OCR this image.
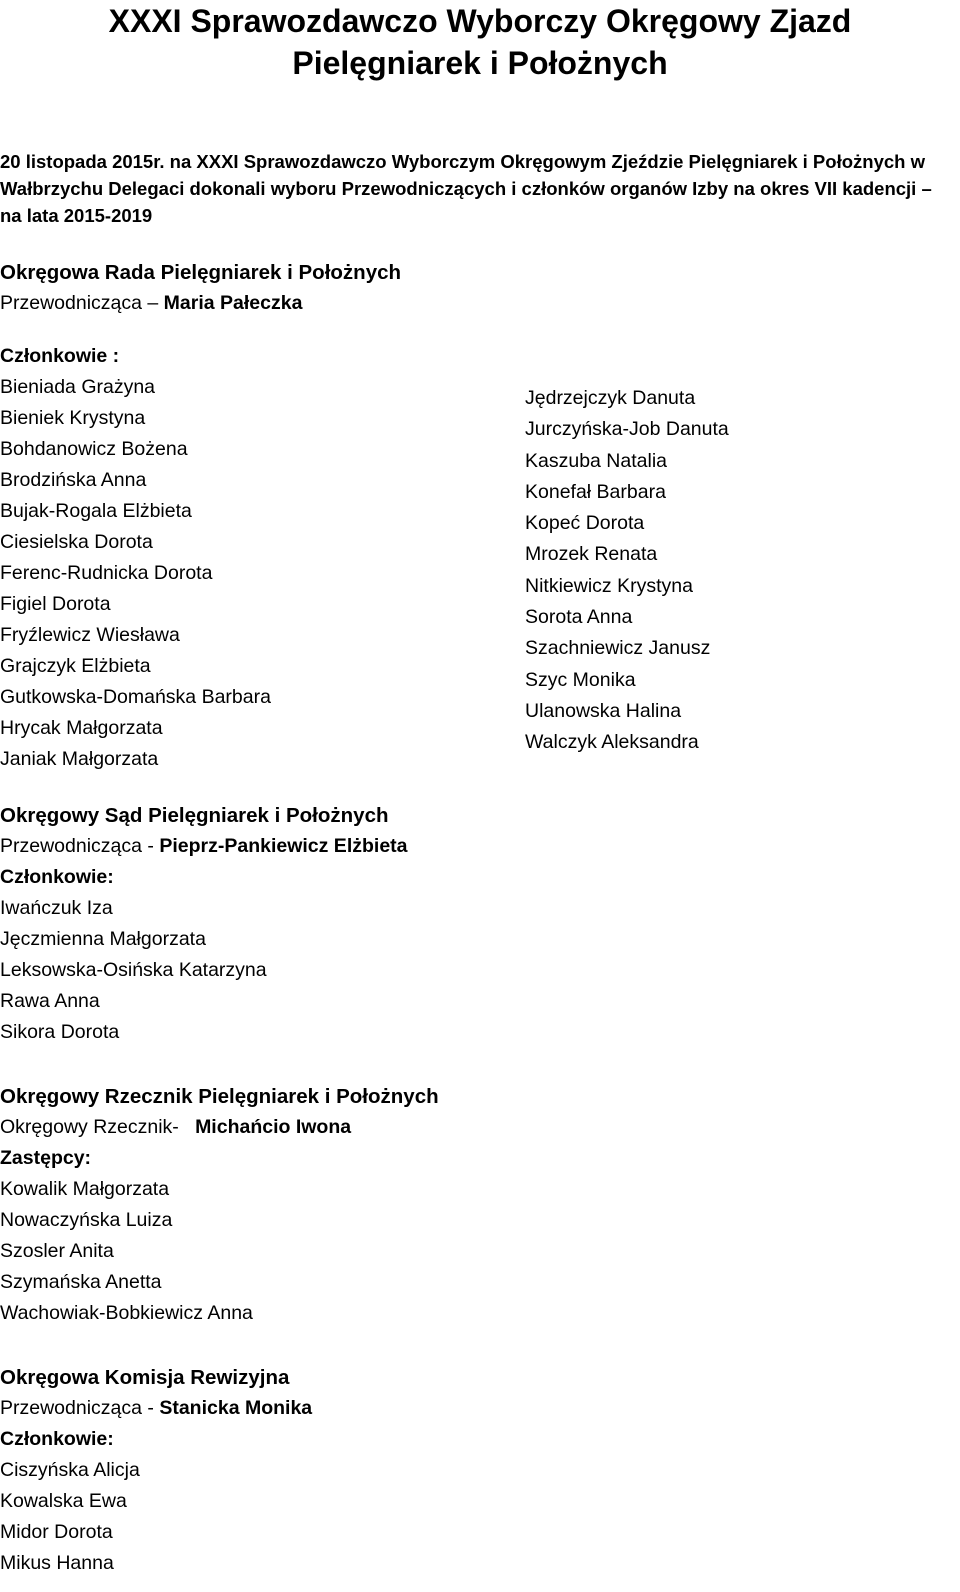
XXXI Sprawozdawczo Wyborczy Okręgowy Zjazd
Pielęgniarek i Położnych
20 listopada 2015r. na XXXI Sprawozdawczo Wyborczym Okręgowym Zjeździe Pielęgniarek i Położnych w Wałbrzychu Delegaci dokonali wyboru Przewodniczących i członków organów Izby na okres VII kadencji – na lata 2015-2019
Okręgowa Rada Pielęgniarek i Położnych
Przewodnicząca – Maria Pałeczka
Członkowie :
Bieniada Grażyna
Bieniek Krystyna
Bohdanowicz Bożena
Brodzińska Anna
Bujak-Rogala Elżbieta
Ciesielska Dorota
Ferenc-Rudnicka Dorota
Figiel Dorota
Fryźlewicz Wiesława
Grajczyk Elżbieta
Gutkowska-Domańska Barbara
Hrycak Małgorzata
Janiak Małgorzata
Jędrzejczyk Danuta
Jurczyńska-Job Danuta
Kaszuba Natalia
Konefał Barbara
Kopeć Dorota
Mrozek Renata
Nitkiewicz Krystyna
Sorota Anna
Szachniewicz Janusz
Szyc Monika
Ulanowska Halina
Walczyk Aleksandra
Okręgowy Sąd Pielęgniarek i Położnych
Przewodnicząca - Pieprz-Pankiewicz Elżbieta
Członkowie:
Iwańczuk Iza
Jęczmienna Małgorzata
Leksowska-Osińska Katarzyna
Rawa Anna
Sikora Dorota
Okręgowy Rzecznik Pielęgniarek i Położnych
Okręgowy Rzecznik-   Michańcio Iwona
Zastępcy:
Kowalik Małgorzata
Nowaczyńska Luiza
Szosler Anita
Szymańska Anetta
Wachowiak-Bobkiewicz Anna
Okręgowa Komisja Rewizyjna
Przewodnicząca - Stanicka Monika
Członkowie:
Ciszyńska Alicja
Kowalska Ewa
Midor Dorota
Mikus Hanna
